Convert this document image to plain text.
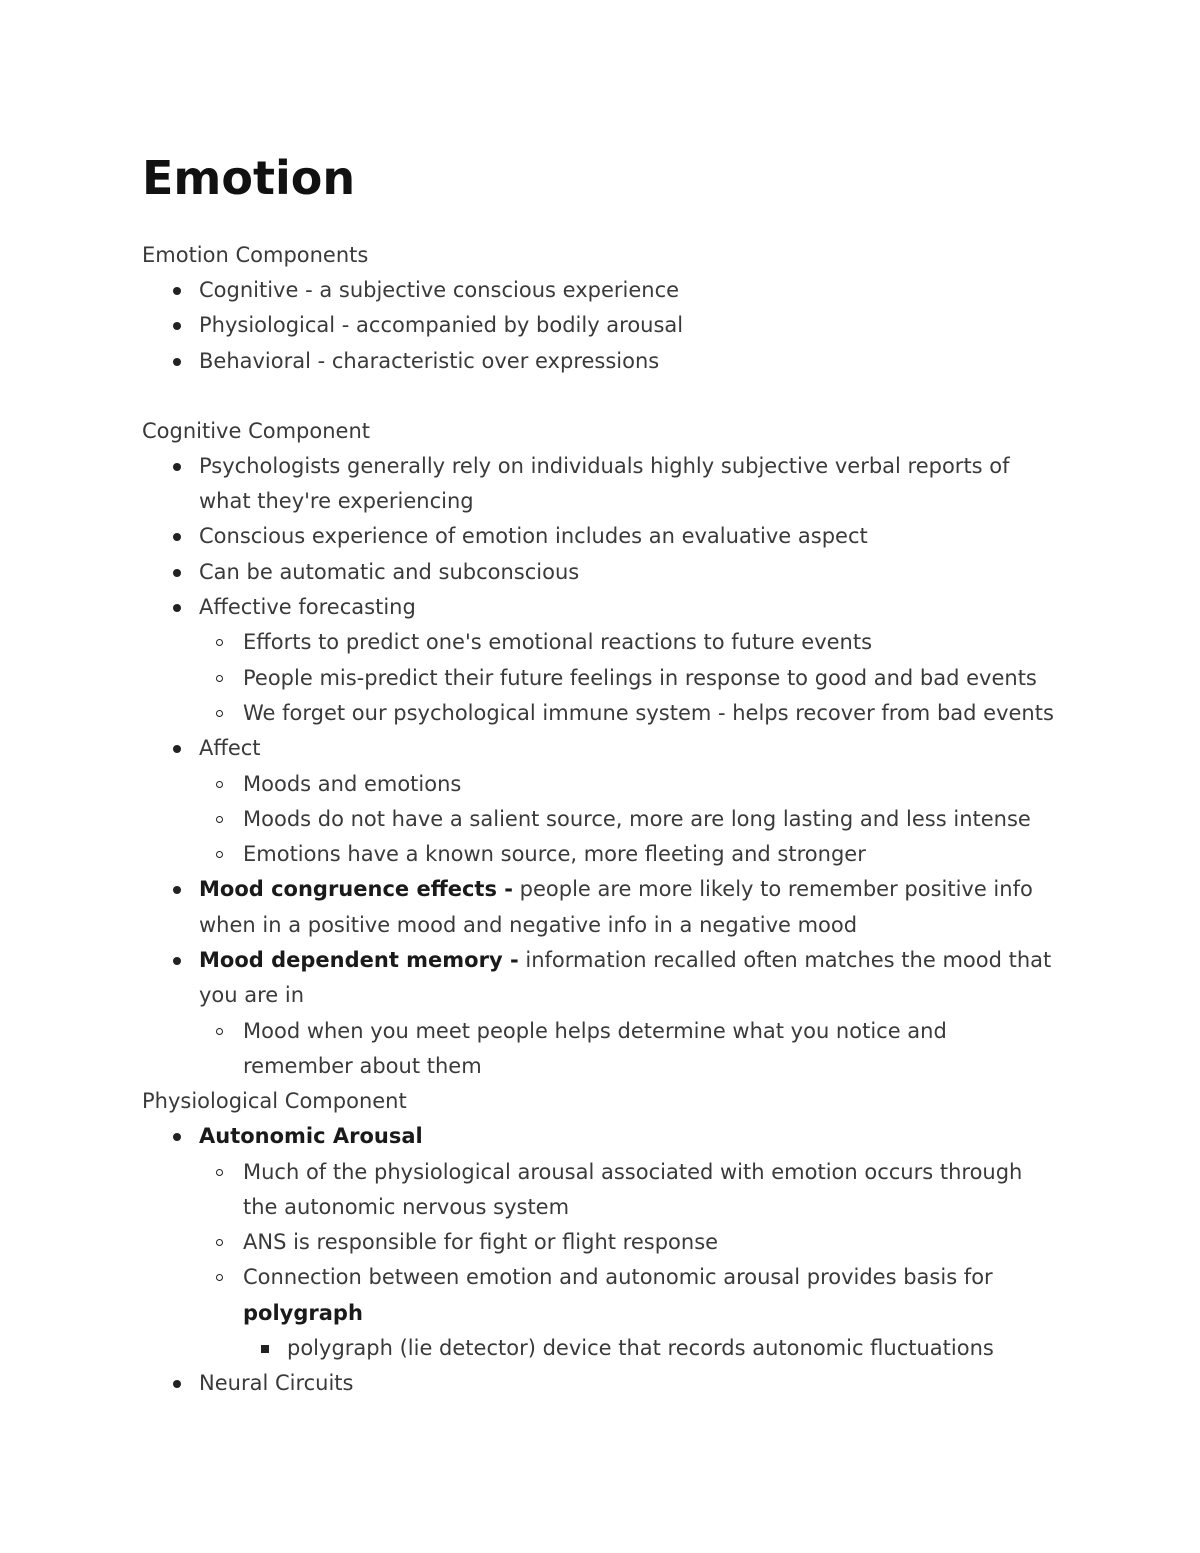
Emotion

Emotion Components

Cognitive - a subjective conscious experience
Physiological - accompanied by bodily arousal
Behavioral - characteristic over expressions

Cognitive Component

Psychologists generally rely on individuals highly subjective verbal reports of what they're experiencing
Conscious experience of emotion includes an evaluative aspect
Can be automatic and subconscious
Affective forecasting
Efforts to predict one's emotional reactions to future events
People mis-predict their future feelings in response to good and bad events
We forget our psychological immune system - helps recover from bad events
Affect
Moods and emotions
Moods do not have a salient source, more are long lasting and less intense
Emotions have a known source, more fleeting and stronger
Mood congruence effects - people are more likely to remember positive info when in a positive mood and negative info in a negative mood
Mood dependent memory - information recalled often matches the mood that you are in
Mood when you meet people helps determine what you notice and remember about them

Physiological Component

Autonomic Arousal
Much of the physiological arousal associated with emotion occurs through the autonomic nervous system
ANS is responsible for fight or flight response
Connection between emotion and autonomic arousal provides basis for polygraph
polygraph (lie detector) device that records autonomic fluctuations
Neural Circuits
